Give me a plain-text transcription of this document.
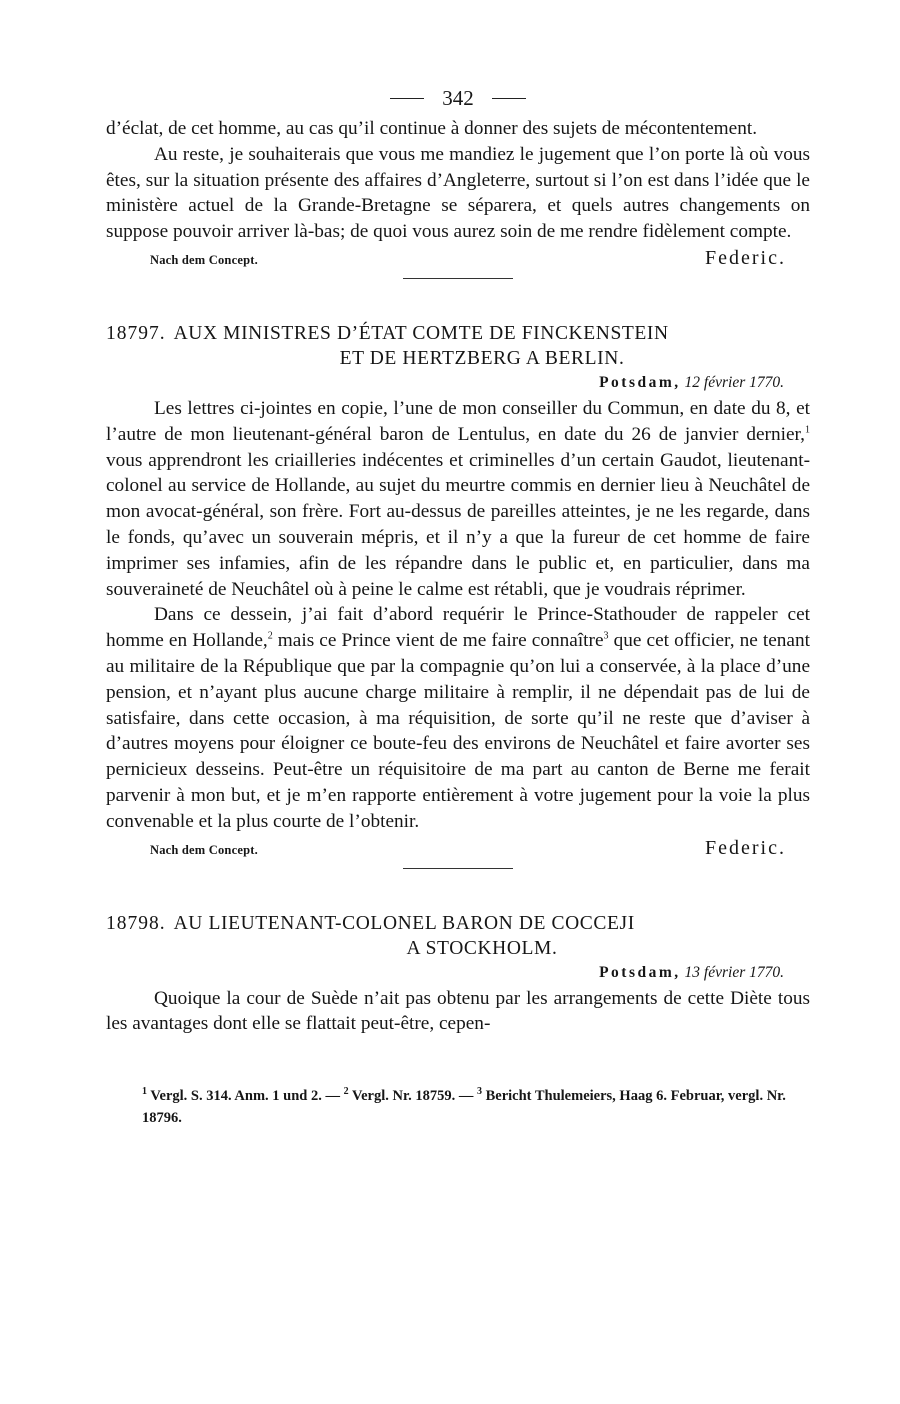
342

d’éclat, de cet homme, au cas qu’il continue à donner des sujets de mécontentement.

Au reste, je souhaiterais que vous me mandiez le jugement que l’on porte là où vous êtes, sur la situation présente des affaires d’Angleterre, surtout si l’on est dans l’idée que le ministère actuel de la Grande-Bretagne se séparera, et quels autres changements on suppose pouvoir arriver là-bas; de quoi vous aurez soin de me rendre fidèlement compte.

Nach dem Concept.	Federic.
18797. AUX MINISTRES D’ÉTAT COMTE DE FINCKENSTEIN
ET DE HERTZBERG A BERLIN.
Potsdam, 12 février 1770.

Les lettres ci-jointes en copie, l’une de mon conseiller du Commun, en date du 8, et l’autre de mon lieutenant-général baron de Lentulus, en date du 26 de janvier dernier,$^1$ vous apprendront les criailleries indécentes et criminelles d’un certain Gaudot, lieutenant-colonel au service de Hollande, au sujet du meurtre commis en dernier lieu à Neuchâtel de mon avocat-général, son frère. Fort au-dessus de pareilles atteintes, je ne les regarde, dans le fonds, qu’avec un souverain mépris, et il n’y a que la fureur de cet homme de faire imprimer ses infamies, afin de les répandre dans le public et, en particulier, dans ma souveraineté de Neuchâtel où à peine le calme est rétabli, que je voudrais réprimer.

Dans ce dessein, j’ai fait d’abord requérir le Prince-Stathouder de rappeler cet homme en Hollande,$^2$ mais ce Prince vient de me faire connaître$^3$ que cet officier, ne tenant au militaire de la République que par la compagnie qu’on lui a conservée, à la place d’une pension, et n’ayant plus aucune charge militaire à remplir, il ne dépendait pas de lui de satisfaire, dans cette occasion, à ma réquisition, de sorte qu’il ne reste que d’aviser à d’autres moyens pour éloigner ce boute-feu des environs de Neuchâtel et faire avorter ses pernicieux desseins. Peut-être un réquisitoire de ma part au canton de Berne me ferait parvenir à mon but, et je m’en rapporte entièrement à votre jugement pour la voie la plus convenable et la plus courte de l’obtenir.

Nach dem Concept.	Federic.
18798. AU LIEUTENANT-COLONEL BARON DE COCCEJI
A STOCKHOLM.
Potsdam, 13 février 1770.

Quoique la cour de Suède n’ait pas obtenu par les arrangements de cette Diète tous les avantages dont elle se flattait peut-être, cepen-

$^1$ Vergl. S. 314. Anm. 1 und 2. — $^2$ Vergl. Nr. 18759. — $^3$ Bericht Thulemeiers, Haag 6. Februar, vergl. Nr. 18796.
